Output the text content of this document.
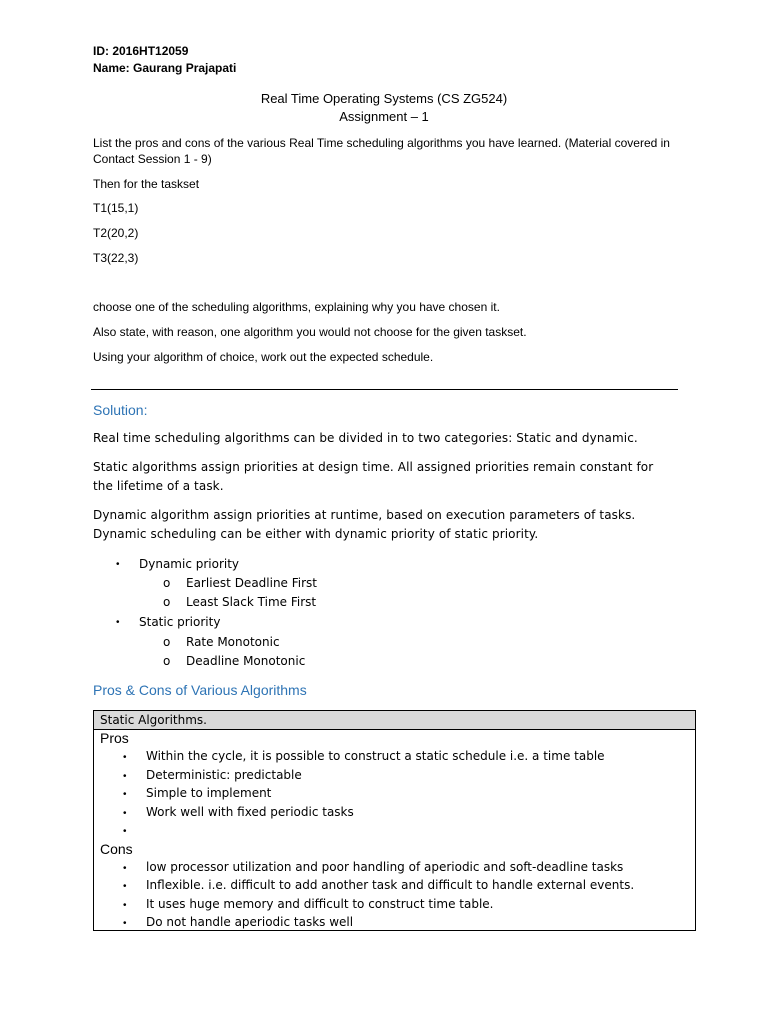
ID: 2016HT12059
Name: Gaurang Prajapati
Real Time Operating Systems (CS ZG524)
Assignment – 1
List the pros and cons of the various Real Time scheduling algorithms you have learned. (Material covered in
Contact Session 1 - 9)
Then for the taskset
T1(15,1)
T2(20,2)
T3(22,3)
choose one of the scheduling algorithms, explaining why you have chosen it.
Also state, with reason, one algorithm you would not choose for the given taskset.
Using your algorithm of choice, work out the expected schedule.
Solution:
Real time scheduling algorithms can be divided in to two categories: Static and dynamic.
Static algorithms assign priorities at design time. All assigned priorities remain constant for
the lifetime of a task.
Dynamic algorithm assign priorities at runtime, based on execution parameters of tasks.
Dynamic scheduling can be either with dynamic priority of static priority.
• Dynamic priority
o Earliest Deadline First
o Least Slack Time First
• Static priority
o Rate Monotonic
o Deadline Monotonic
Pros & Cons of Various Algorithms
Static Algorithms.
Pros
• Within the cycle, it is possible to construct a static schedule i.e. a time table
• Deterministic: predictable
• Simple to implement
• Work well with fixed periodic tasks
•
Cons
• low processor utilization and poor handling of aperiodic and soft-deadline tasks
• Inflexible. i.e. difficult to add another task and difficult to handle external events.
• It uses huge memory and difficult to construct time table.
• Do not handle aperiodic tasks well
